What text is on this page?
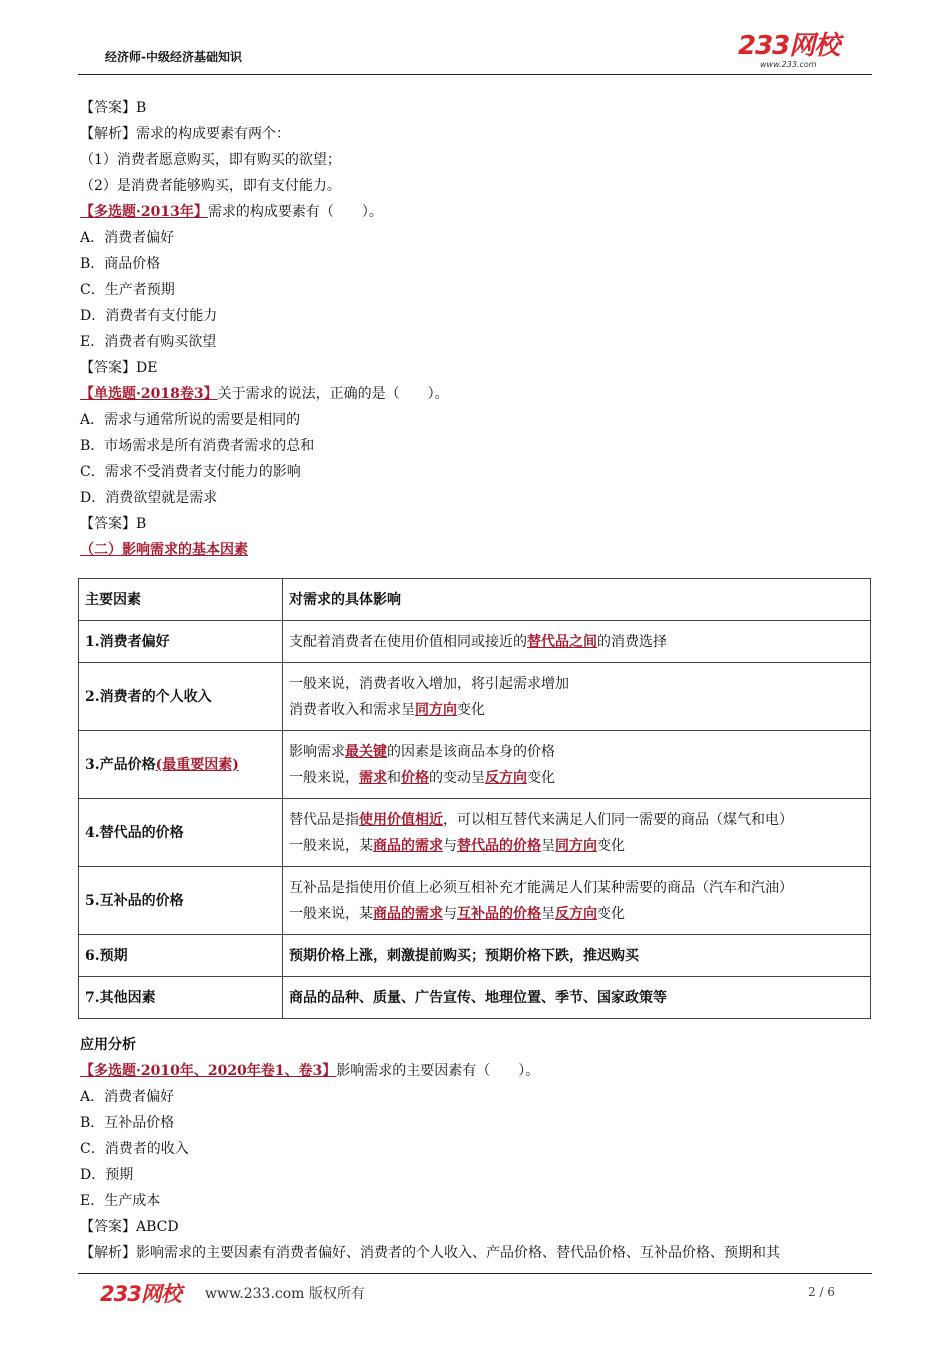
经济师-中级经济基础知识	233网校
www.233.com
【答案】B
【解析】需求的构成要素有两个：
（1）消费者愿意购买，即有购买的欲望；
（2）是消费者能够购买，即有支付能力。
【多选题·2013年】需求的构成要素有（　　）。
A．消费者偏好
B．商品价格
C．生产者预期
D．消费者有支付能力
E．消费者有购买欲望
【答案】DE
【单选题·2018卷3】关于需求的说法，正确的是（　　）。
A．需求与通常所说的需要是相同的
B．市场需求是所有消费者需求的总和
C．需求不受消费者支付能力的影响
D．消费欲望就是需求
【答案】B
（二）影响需求的基本因素
主要因素	对需求的具体影响
1.消费者偏好	支配着消费者在使用价值相同或接近的替代品之间的消费选择
2.消费者的个人收入	一般来说，消费者收入增加，将引起需求增加
消费者收入和需求呈同方向变化

3.产品价格(最重要因素)	影响需求最关键的因素是该商品本身的价格
一般来说，需求和价格的变动呈反方向变化

4.替代品的价格	替代品是指使用价值相近，可以相互替代来满足人们同一需要的商品（煤气和电）
一般来说，某商品的需求与替代品的价格呈同方向变化

5.互补品的价格	互补品是指使用价值上必须互相补充才能满足人们某种需要的商品（汽车和汽油）
一般来说，某商品的需求与互补品的价格呈反方向变化

6.预期	预期价格上涨，刺激提前购买；预期价格下跌，推迟购买
7.其他因素	商品的品种、质量、广告宣传、地理位置、季节、国家政策等
应用分析
【多选题·2010年、2020年卷1、卷3】影响需求的主要因素有（　　）。
A．消费者偏好
B．互补品价格
C．消费者的收入
D．预期
E．生产成本
【答案】ABCD
【解析】影响需求的主要因素有消费者偏好、消费者的个人收入、产品价格、替代品价格、互补品价格、预期和其
233网校 www.233.com 版权所有	2 / 6
